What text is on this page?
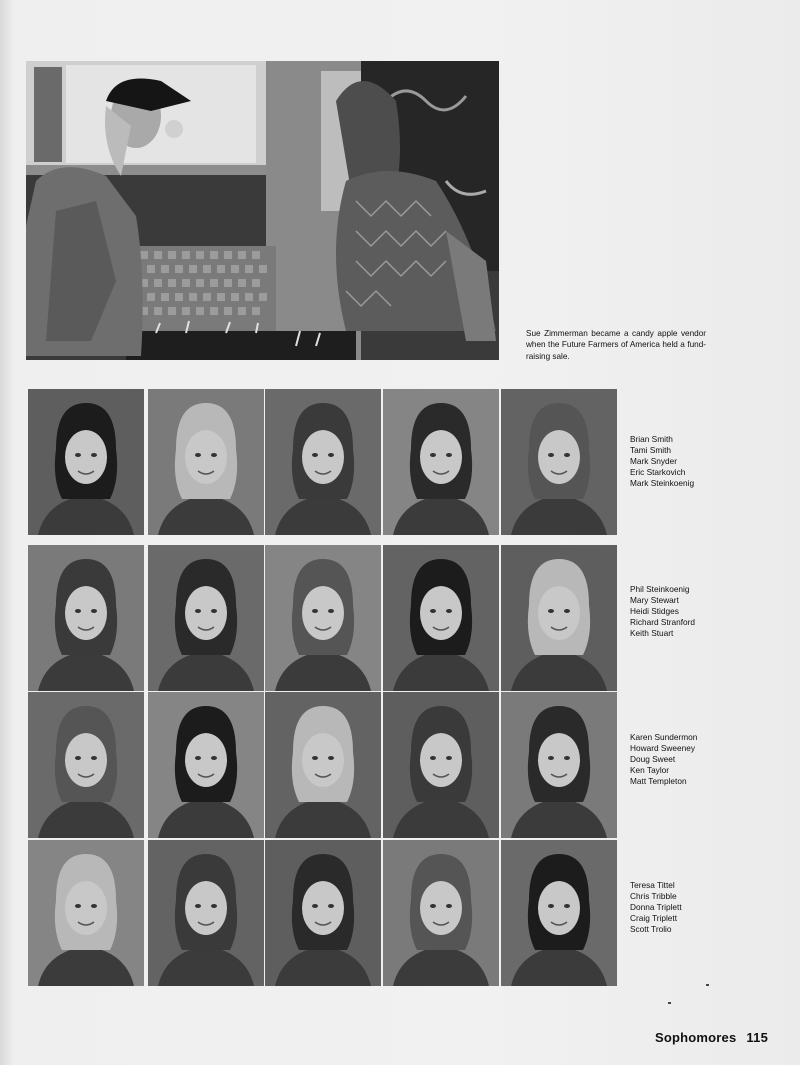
Sue Zimmerman became a candy apple vendor when the Future Farmers of America held a fund-raising sale.
Brian Smith
Tami Smith
Mark Snyder
Eric Starkovich
Mark Steinkoenig
Phil Steinkoenig
Mary Stewart
Heidi Stidges
Richard Stranford
Keith Stuart
Karen Sundermon
Howard Sweeney
Doug Sweet
Ken Taylor
Matt Templeton
Teresa Tittel
Chris Tribble
Donna Triplett
Craig Triplett
Scott Trolio
Sophomores 115
